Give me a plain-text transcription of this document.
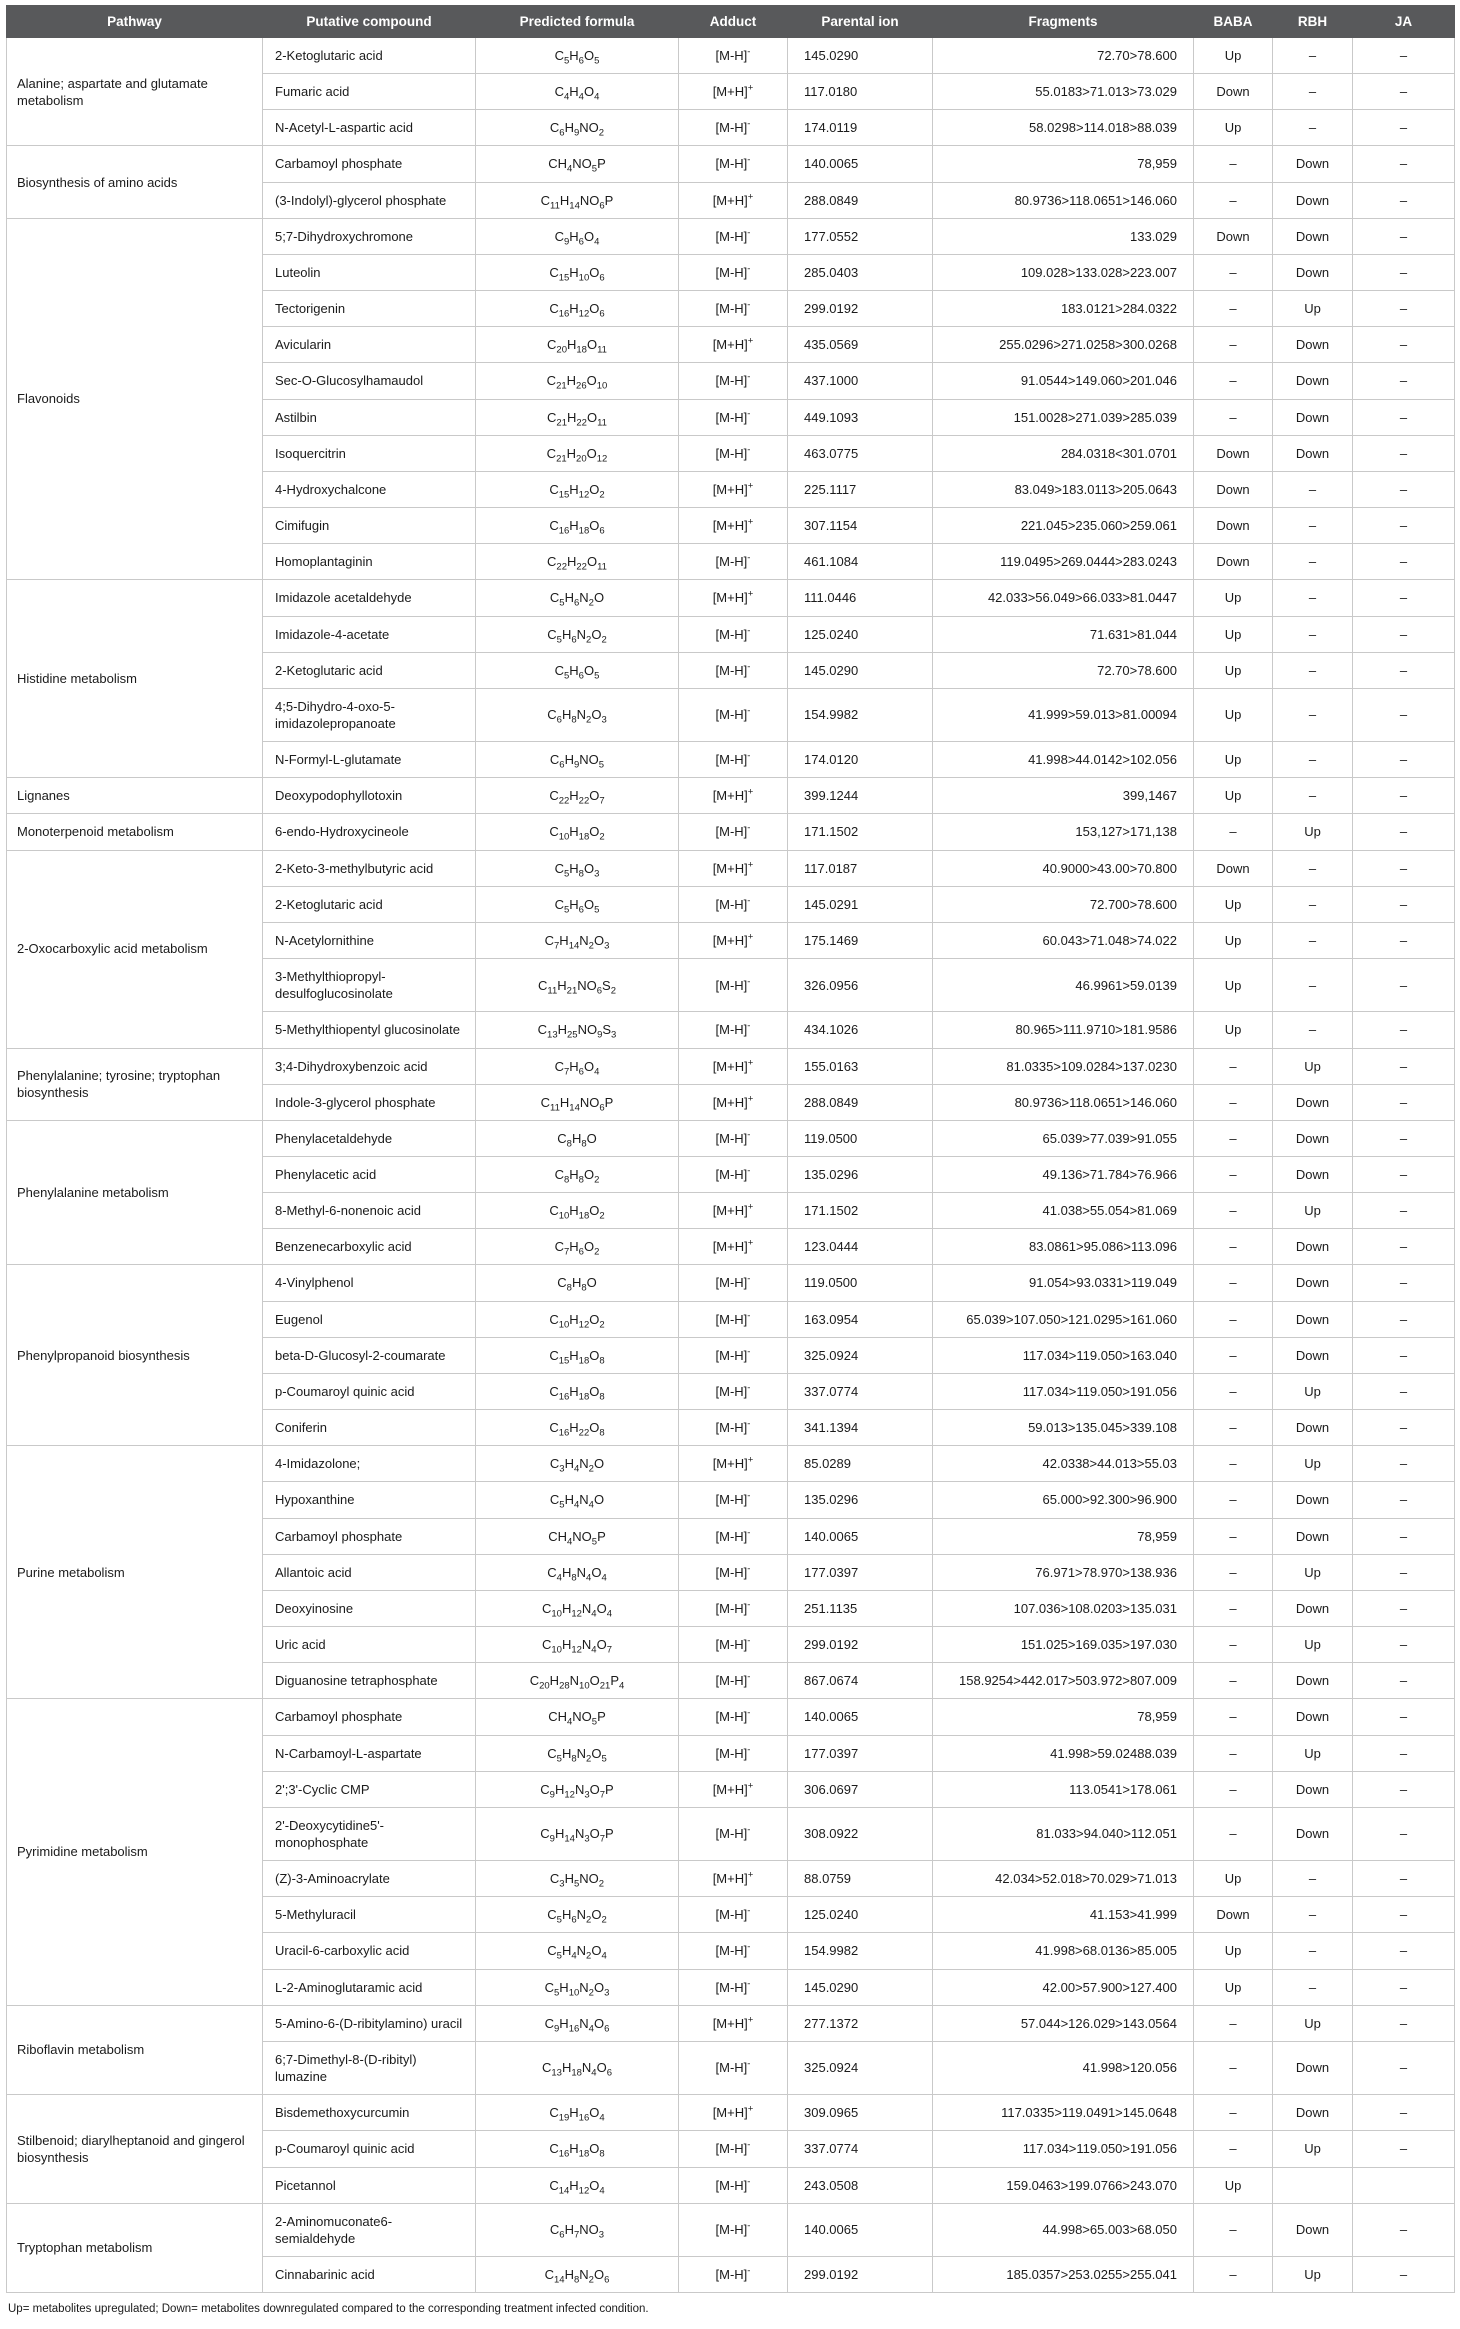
Pathway	Putative compound	Predicted formula	Adduct	Parental ion	Fragments	BABA	RBH	JA
Alanine; aspartate and glutamate metabolism	2-Ketoglutaric acid	$C_5H_6O_5$	[M-H]-	145.0290	72.70>78.600	Up	–	–
	Fumaric acid	$C_4H_4O_4$	[M+H]+	117.0180	55.0183>71.013>73.029	Down	–	–
	N-Acetyl-L-aspartic acid	$C_6H_9NO_2$	[M-H]-	174.0119	58.0298>114.018>88.039	Up	–	–
Biosynthesis of amino acids	Carbamoyl phosphate	$CH_4NO_5P$	[M-H]-	140.0065	78,959	–	Down	–
	(3-Indolyl)-glycerol phosphate	$C_{11}H_{14}NO_6P$	[M+H]+	288.0849	80.9736>118.0651>146.060	–	Down	–
Flavonoids	5;7-Dihydroxychromone	$C_9H_6O_4$	[M-H]-	177.0552	133.029	Down	Down	–
	Luteolin	$C_{15}H_{10}O_6$	[M-H]-	285.0403	109.028>133.028>223.007	–	Down	–
	Tectorigenin	$C_{16}H_{12}O_6$	[M-H]-	299.0192	183.0121>284.0322	–	Up	–
	Avicularin	$C_{20}H_{18}O_{11}$	[M+H]+	435.0569	255.0296>271.0258>300.0268	–	Down	–
	Sec-O-Glucosylhamaudol	$C_{21}H_{26}O_{10}$	[M-H]-	437.1000	91.0544>149.060>201.046	–	Down	–
	Astilbin	$C_{21}H_{22}O_{11}$	[M-H]-	449.1093	151.0028>271.039>285.039	–	Down	–
	Isoquercitrin	$C_{21}H_{20}O_{12}$	[M-H]-	463.0775	284.0318<301.0701	Down	Down	–
	4-Hydroxychalcone	$C_{15}H_{12}O_2$	[M+H]+	225.1117	83.049>183.0113>205.0643	Down	–	–
	Cimifugin	$C_{16}H_{18}O_6$	[M+H]+	307.1154	221.045>235.060>259.061	Down	–	–
	Homoplantaginin	$C_{22}H_{22}O_{11}$	[M-H]-	461.1084	119.0495>269.0444>283.0243	Down	–	–
Histidine metabolism	Imidazole acetaldehyde	$C_5H_6N_2O$	[M+H]+	111.0446	42.033>56.049>66.033>81.0447	Up	–	–
	Imidazole-4-acetate	$C_5H_6N_2O_2$	[M-H]-	125.0240	71.631>81.044	Up	–	–
	2-Ketoglutaric acid	$C_5H_6O_5$	[M-H]-	145.0290	72.70>78.600	Up	–	–
	4;5-Dihydro-4-oxo-5-imidazolepropanoate	$C_6H_8N_2O_3$	[M-H]-	154.9982	41.999>59.013>81.00094	Up	–	–
	N-Formyl-L-glutamate	$C_6H_9NO_5$	[M-H]-	174.0120	41.998>44.0142>102.056	Up	–	–
Lignanes	Deoxypodophyllotoxin	$C_{22}H_{22}O_7$	[M+H]+	399.1244	399,1467	Up	–	–
Monoterpenoid metabolism	6-endo-Hydroxycineole	$C_{10}H_{18}O_2$	[M-H]-	171.1502	153,127>171,138	–	Up	–
2-Oxocarboxylic acid metabolism	2-Keto-3-methylbutyric acid	$C_5H_8O_3$	[M+H]+	117.0187	40.9000>43.00>70.800	Down	–	–
	2-Ketoglutaric acid	$C_5H_6O_5$	[M-H]-	145.0291	72.700>78.600	Up	–	–
	N-Acetylornithine	$C_7H_{14}N_2O_3$	[M+H]+	175.1469	60.043>71.048>74.022	Up	–	–
	3-Methylthiopropyl-desulfoglucosinolate	$C_{11}H_{21}NO_6S_2$	[M-H]-	326.0956	46.9961>59.0139	Up	–	–
	5-Methylthiopentyl glucosinolate	$C_{13}H_{25}NO_9S_3$	[M-H]-	434.1026	80.965>111.9710>181.9586	Up	–	–
Phenylalanine; tyrosine; tryptophan biosynthesis	3;4-Dihydroxybenzoic acid	$C_7H_6O_4$	[M+H]+	155.0163	81.0335>109.0284>137.0230	–	Up	–
	Indole-3-glycerol phosphate	$C_{11}H_{14}NO_6P$	[M+H]+	288.0849	80.9736>118.0651>146.060	–	Down	–
Phenylalanine metabolism	Phenylacetaldehyde	$C_8H_8O$	[M-H]-	119.0500	65.039>77.039>91.055	–	Down	–
	Phenylacetic acid	$C_8H_8O_2$	[M-H]-	135.0296	49.136>71.784>76.966	–	Down	–
	8-Methyl-6-nonenoic acid	$C_{10}H_{18}O_2$	[M+H]+	171.1502	41.038>55.054>81.069	–	Up	–
	Benzenecarboxylic acid	$C_7H_6O_2$	[M+H]+	123.0444	83.0861>95.086>113.096	–	Down	–
Phenylpropanoid biosynthesis	4-Vinylphenol	$C_8H_8O$	[M-H]-	119.0500	91.054>93.0331>119.049	–	Down	–
	Eugenol	$C_{10}H_{12}O_2$	[M-H]-	163.0954	65.039>107.050>121.0295>161.060	–	Down	–
	beta-D-Glucosyl-2-coumarate	$C_{15}H_{18}O_8$	[M-H]-	325.0924	117.034>119.050>163.040	–	Down	–
	p-Coumaroyl quinic acid	$C_{16}H_{18}O_8$	[M-H]-	337.0774	117.034>119.050>191.056	–	Up	–
	Coniferin	$C_{16}H_{22}O_8$	[M-H]-	341.1394	59.013>135.045>339.108	–	Down	–
Purine metabolism	4-Imidazolone;	$C_3H_4N_2O$	[M+H]+	85.0289	42.0338>44.013>55.03	–	Up	–
	Hypoxanthine	$C_5H_4N_4O$	[M-H]-	135.0296	65.000>92.300>96.900	–	Down	–
	Carbamoyl phosphate	$CH_4NO_5P$	[M-H]-	140.0065	78,959	–	Down	–
	Allantoic acid	$C_4H_8N_4O_4$	[M-H]-	177.0397	76.971>78.970>138.936	–	Up	–
	Deoxyinosine	$C_{10}H_{12}N_4O_4$	[M-H]-	251.1135	107.036>108.0203>135.031	–	Down	–
	Uric acid	$C_{10}H_{12}N_4O_7$	[M-H]-	299.0192	151.025>169.035>197.030	–	Up	–
	Diguanosine tetraphosphate	$C_{20}H_{28}N_{10}O_{21}P_4$	[M-H]-	867.0674	158.9254>442.017>503.972>807.009	–	Down	–
Pyrimidine metabolism	Carbamoyl phosphate	$CH_4NO_5P$	[M-H]-	140.0065	78,959	–	Down	–
	N-Carbamoyl-L-aspartate	$C_5H_8N_2O_5$	[M-H]-	177.0397	41.998>59.02488.039	–	Up	–
	2';3'-Cyclic CMP	$C_9H_{12}N_3O_7P$	[M+H]+	306.0697	113.0541>178.061	–	Down	–
	2'-Deoxycytidine5'-monophosphate	$C_9H_{14}N_3O_7P$	[M-H]-	308.0922	81.033>94.040>112.051	–	Down	–
	(Z)-3-Aminoacrylate	$C_3H_5NO_2$	[M+H]+	88.0759	42.034>52.018>70.029>71.013	Up	–	–
	5-Methyluracil	$C_5H_6N_2O_2$	[M-H]-	125.0240	41.153>41.999	Down	–	–
	Uracil-6-carboxylic acid	$C_5H_4N_2O_4$	[M-H]-	154.9982	41.998>68.0136>85.005	Up	–	–
	L-2-Aminoglutaramic acid	$C_5H_{10}N_2O_3$	[M-H]-	145.0290	42.00>57.900>127.400	Up	–	–
Riboflavin metabolism	5-Amino-6-(D-ribitylamino) uracil	$C_9H_{16}N_4O_6$	[M+H]+	277.1372	57.044>126.029>143.0564	–	Up	–
	6;7-Dimethyl-8-(D-ribityl) lumazine	$C_{13}H_{18}N_4O_6$	[M-H]-	325.0924	41.998>120.056	–	Down	–
Stilbenoid; diarylheptanoid and gingerol biosynthesis	Bisdemethoxycurcumin	$C_{19}H_{16}O_4$	[M+H]+	309.0965	117.0335>119.0491>145.0648	–	Down	–
	p-Coumaroyl quinic acid	$C_{16}H_{18}O_8$	[M-H]-	337.0774	117.034>119.050>191.056	–	Up	–
	Picetannol	$C_{14}H_{12}O_4$	[M-H]-	243.0508	159.0463>199.0766>243.070	Up		
Tryptophan metabolism	2-Aminomuconate6-semialdehyde	$C_6H_7NO_3$	[M-H]-	140.0065	44.998>65.003>68.050	–	Down	–
	Cinnabarinic acid	$C_{14}H_8N_2O_6$	[M-H]-	299.0192	185.0357>253.0255>255.041	–	Up	–
Up= metabolites upregulated; Down= metabolites downregulated compared to the corresponding treatment infected condition.
